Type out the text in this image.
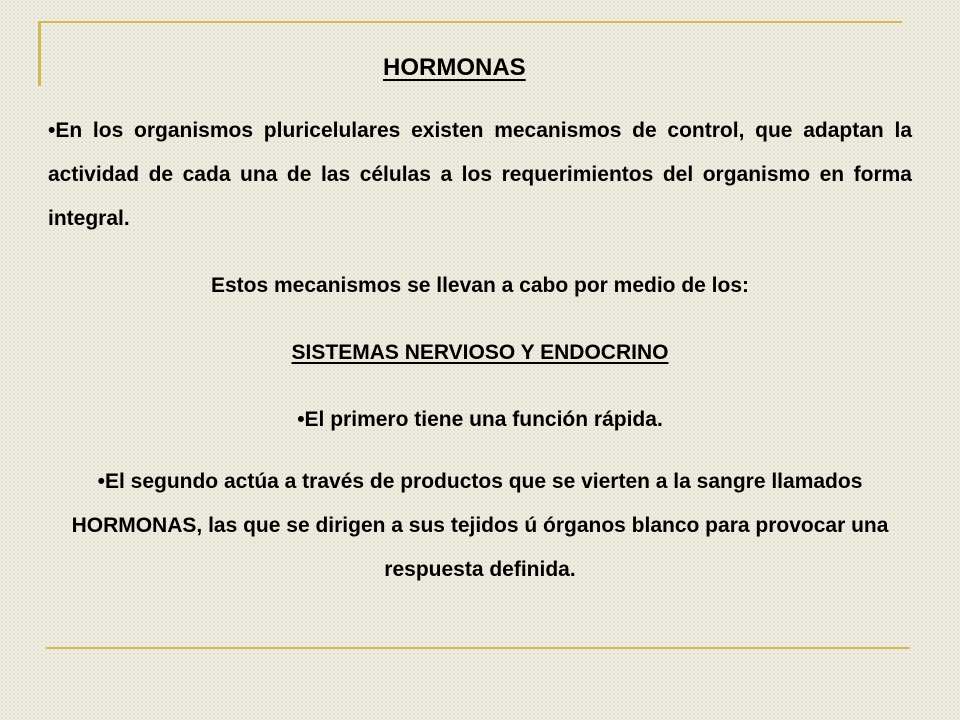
HORMONAS

•En los organismos pluricelulares existen mecanismos de control, que adaptan la actividad de cada una de las células a los requerimientos del organismo en forma integral.

Estos mecanismos se llevan a cabo por medio de los:

SISTEMAS NERVIOSO Y ENDOCRINO

•El primero tiene una función rápida.

•El segundo actúa a través de productos que se vierten a la sangre llamados HORMONAS, las que se dirigen a sus tejidos ú órganos blanco para provocar una respuesta definida.
